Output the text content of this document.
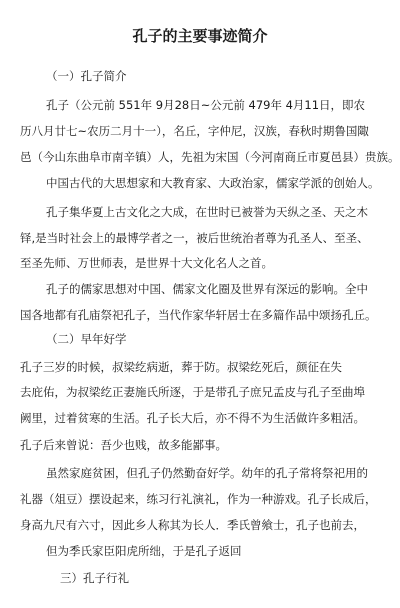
孔子的主要事迹简介
（一）孔子简介
孔子（公元前 551年 9月28日~公元前 479年 4月11日，即农
历八月廿七~农历二月十一），名丘，字仲尼，汉族，春秋时期鲁国陬
邑（今山东曲阜市南辛镇）人，先祖为宋国（今河南商丘市夏邑县）贵族。
中国古代的大思想家和大教育家、大政治家，儒家学派的创始人。
孔子集华夏上古文化之大成，在世时已被誉为天纵之圣、天之木
铎,是当时社会上的最博学者之一，被后世统治者尊为孔圣人、至圣、
至圣先师、万世师表，是世界十大文化名人之首。
孔子的儒家思想对中国、儒家文化圈及世界有深远的影响。全中
国各地都有孔庙祭祀孔子，当代作家华轩居士在多篇作品中颂扬孔丘。
（二）早年好学
孔子三岁的时候，叔梁纥病逝，葬于防。叔梁纥死后，颜征在失
去庇佑，为叔梁纥正妻施氏所逐，于是带孔子庶兄孟皮与孔子至曲埠
阙里，过着贫寒的生活。孔子长大后，亦不得不为生活做许多粗活。
孔子后来曾说：吾少也贱，故多能鄙事。
虽然家庭贫困，但孔子仍然勤奋好学。幼年的孔子常将祭祀用的
礼器（俎豆）摆设起来，练习行礼演礼，作为一种游戏。孔子长成后，
身高九尺有六寸，因此乡人称其为长人．季氏曾飨士，孔子也前去，
但为季氏家臣阳虎所绌，于是孔子返回
三）孔子行礼
